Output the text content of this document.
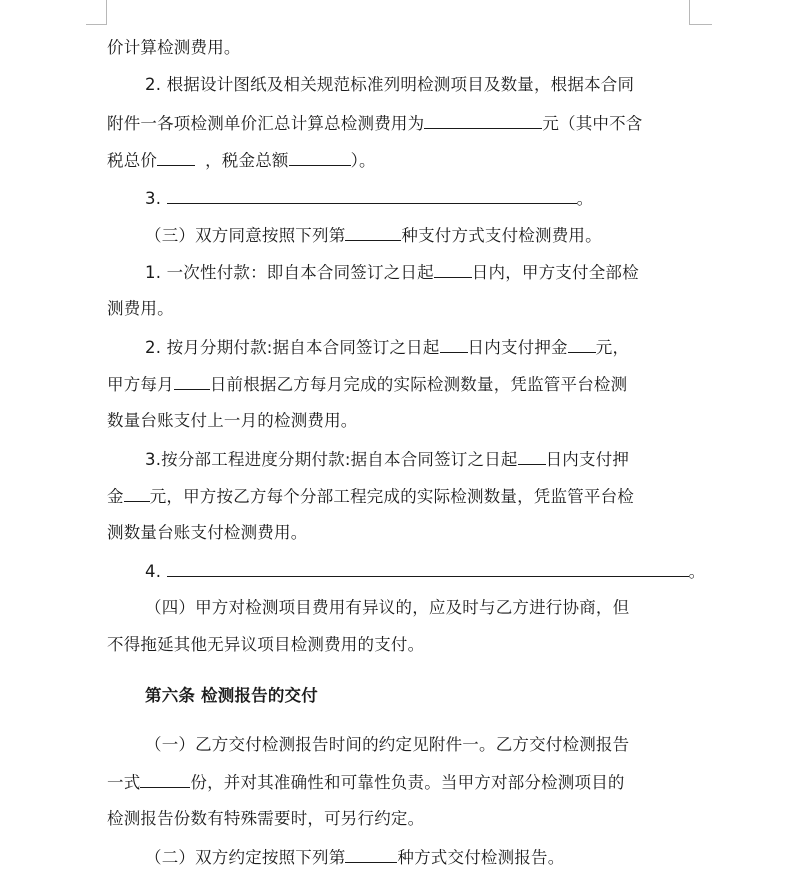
价计算检测费用。
2. 根据设计图纸及相关规范标准列明检测项目及数量，根据本合同
附件一各项检测单价汇总计算总检测费用为	元（其中不含
税总价	，税金总额	）。
3.	。
（三）双方同意按照下列第	种支付方式支付检测费用。
1. 一次性付款：即自本合同签订之日起 日内，甲方支付全部检
测费用。
2. 按月分期付款:据自本合同签订之日起 日内支付押金 元，
甲方每月 日前根据乙方每月完成的实际检测数量，凭监管平台检测
数量台账支付上一月的检测费用。
3.按分部工程进度分期付款:据自本合同签订之日起 日内支付押
金 元，甲方按乙方每个分部工程完成的实际检测数量，凭监管平台检
测数量台账支付检测费用。
4.	。
（四）甲方对检测项目费用有异议的，应及时与乙方进行协商，但
不得拖延其他无异议项目检测费用的支付。
第六条 检测报告的交付
（一）乙方交付检测报告时间的约定见附件一。乙方交付检测报告
一式	份，并对其准确性和可靠性负责。当甲方对部分检测项目的
检测报告份数有特殊需要时，可另行约定。
（二）双方约定按照下列第	种方式交付检测报告。
